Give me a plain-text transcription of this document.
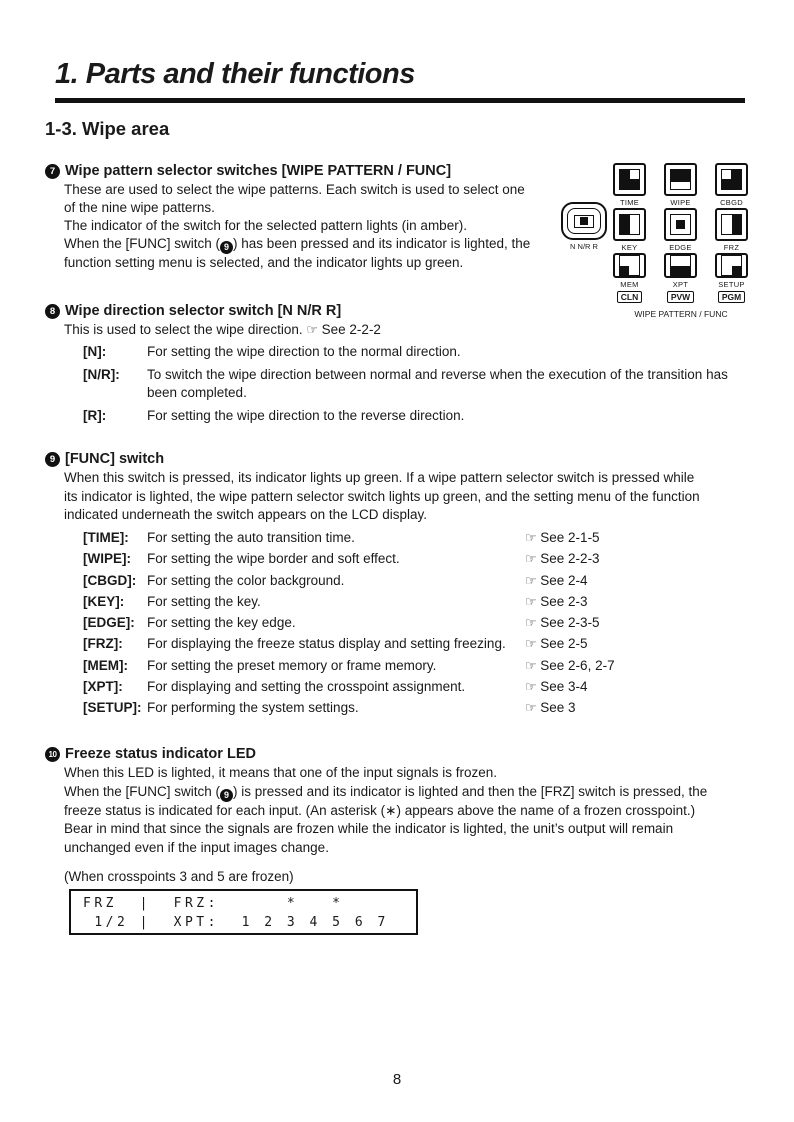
1. Parts and their functions
1-3. Wipe area
7 Wipe pattern selector switches [WIPE PATTERN / FUNC]
These are used to select the wipe patterns. Each switch is used to select one
of the nine wipe patterns.
The indicator of the switch for the selected pattern lights (in amber).
When the [FUNC] switch ( 9 ) has been pressed and its indicator is lighted, the
function setting menu is selected, and the indicator lights up green.
N N/R R
TIME	WIPE	CBGD
KEY	EDGE	FRZ
MEM
CLN
XPT
PVW
SETUP
PGM
WIPE PATTERN / FUNC
8 Wipe direction selector switch [N N/R R]
This is used to select the wipe direction. ☞ See 2-2-2
[N]:	For setting the wipe direction to the normal direction.
[N/R]:	To switch the wipe direction between normal and reverse when the execution of the transition has
been completed.
[R]:	For setting the wipe direction to the reverse direction.
9 [FUNC] switch
When this switch is pressed, its indicator lights up green. If a wipe pattern selector switch is pressed while
its indicator is lighted, the wipe pattern selector switch lights up green, and the setting menu of the function
indicated underneath the switch appears on the LCD display.
[TIME]:	For setting the auto transition time.	☞ See 2-1-5
[WIPE]:	For setting the wipe border and soft effect.	☞ See 2-2-3
[CBGD]: For setting the color background.	☞ See 2-4
[KEY]:	For setting the key.	☞ See 2-3
[EDGE]: For setting the key edge.	☞ See 2-3-5
[FRZ]:	For displaying the freeze status display and setting freezing.	☞ See 2-5
[MEM]:	For setting the preset memory or frame memory.	☞ See 2-6, 2-7
[XPT]:	For displaying and setting the crosspoint assignment.	☞ See 3-4
[SETUP]: For performing the system settings.	☞ See 3
10 Freeze status indicator LED
When this LED is lighted, it means that one of the input signals is frozen.
When the [FUNC] switch ( 9 ) is pressed and its indicator is lighted and then the [FRZ] switch is pressed, the
freeze status is indicated for each input. (An asterisk (∗) appears above the name of a frozen crosspoint.)
Bear in mind that since the signals are frozen while the indicator is lighted, the unit’s output will remain
unchanged even if the input images change.
(When crosspoints 3 and 5 are frozen)
FRZ  |  FRZ:      *   *
1/2 |  XPT:  1 2 3 4 5 6 7
8
